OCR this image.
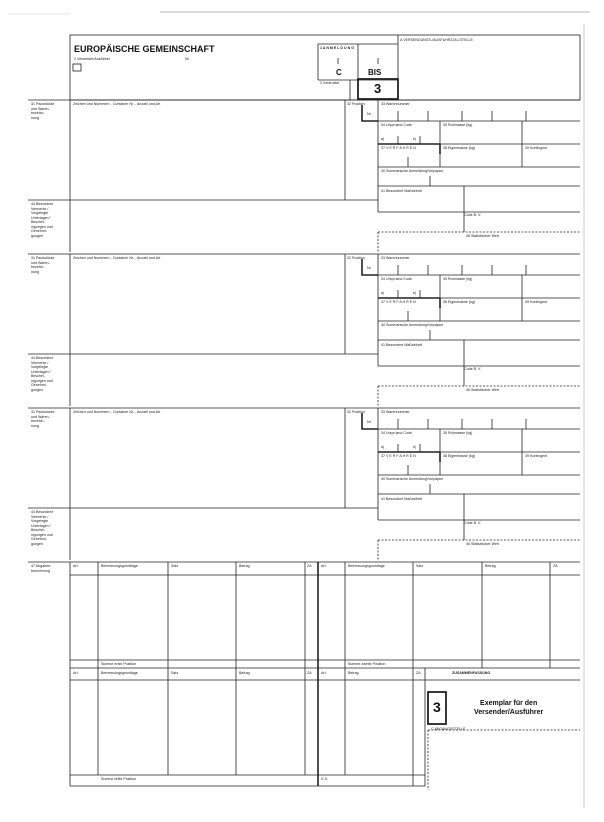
EUROPÄISCHE GEMEINSCHAFT
2 Versender/Ausführer	Nr.
1 A N M E L D U N G
C	BIS
3 Vordrucke	3
A VERSENDUNGS-/AUSFUHRZOLLSTELLE
31 Packstücke
und Waren-
bezeich-
nung
Zeichen und Nummern - Container Nr. - Anzahl und Art	32 Position
Nr.
33 Warennummer
34 Urspr.land Code
a|	b|
35 Rohmasse (kg)
37 V E R F A H R E N	38 Eigenmasse (kg)	39 Kontingent
40 Summarische Anmeldung/Vorpapier
41 Besondere Maßeinheit
44 Besondere
Vermerke /
Vorgelegte
Unterlagen /
Beschei-
nigungen und
Genehmi-
gungen
Code B. V.
46 Statistischer Wert
31 Packstücke
und Waren-
bezeich-
nung
Zeichen und Nummern - Container Nr. - Anzahl und Art	32 Position
Nr.
33 Warennummer
34 Urspr.land Code
a|	b|
35 Rohmasse (kg)
37 V E R F A H R E N	38 Eigenmasse (kg)	39 Kontingent
40 Summarische Anmeldung/Vorpapier
41 Besondere Maßeinheit
44 Besondere
Vermerke /
Vorgelegte
Unterlagen /
Beschei-
nigungen und
Genehmi-
gungen
Code B. V.
46 Statistischer Wert
31 Packstücke
und Waren-
bezeich-
nung
Zeichen und Nummern - Container Nr. - Anzahl und Art	32 Position
Nr.
33 Warennummer
34 Urspr.land Code
a|	b|
35 Rohmasse (kg)
37 V E R F A H R E N	38 Eigenmasse (kg)	39 Kontingent
40 Summarische Anmeldung/Vorpapier
41 Besondere Maßeinheit
44 Besondere
Vermerke /
Vorgelegte
Unterlagen /
Beschei-
nigungen und
Genehmi-
gungen
Code B. V.
46 Statistischer Wert
47 Abgaben-
berechnung
Art	Bemessungsgrundlage	Satz	Betrag	ZA	Art	Bemessungsgrundlage	Satz	Betrag	ZA
Summe erste Position	Summe zweite Position
Art	Bemessungsgrundlage	Satz	Betrag	ZA	Art	Betrag	ZA	ZUSAMMENFASSUNG
3	Exemplar für den
Versender/Ausführer
C ABGANGSSTELLE
Summe dritte Position	G.S.
